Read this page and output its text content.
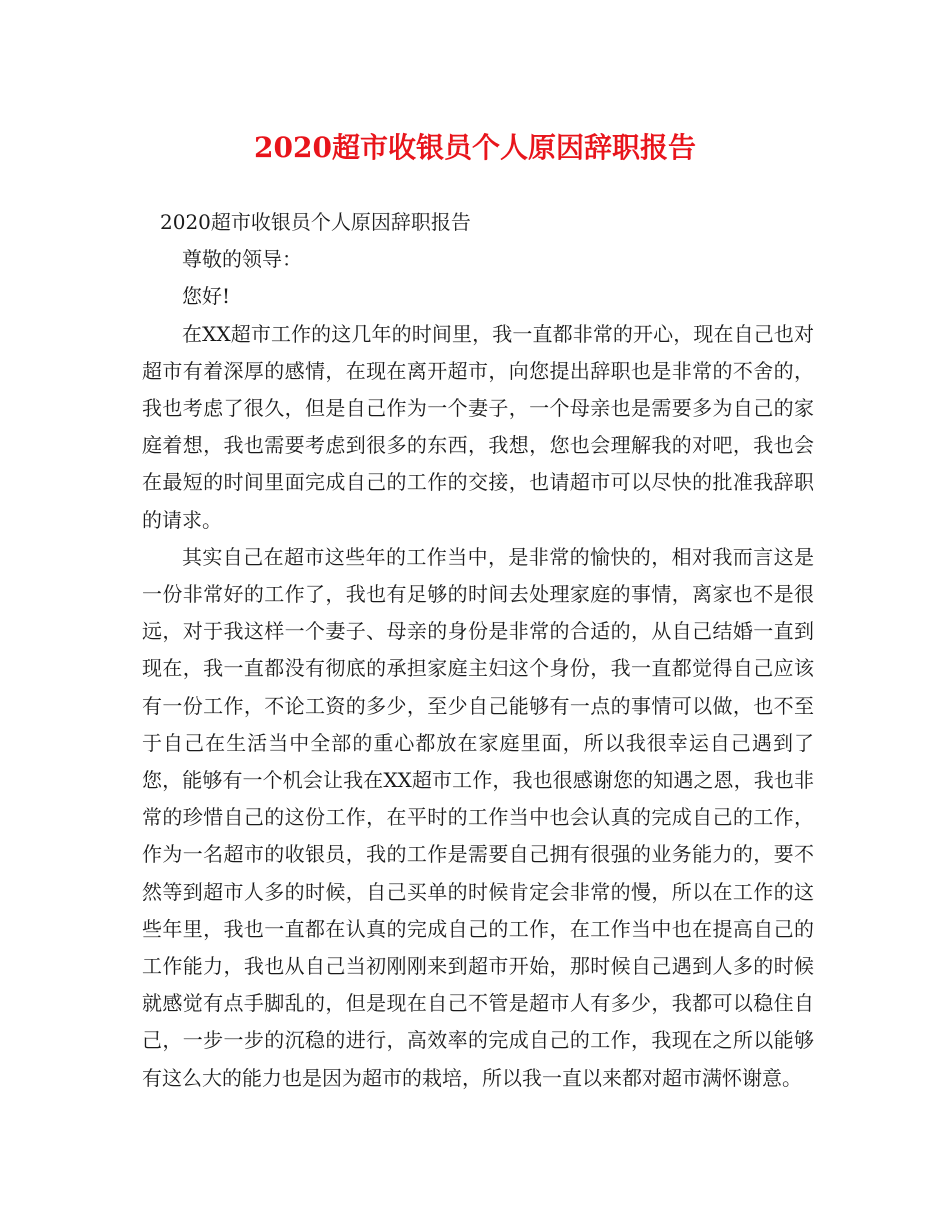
2020超市收银员个人原因辞职报告

2020超市收银员个人原因辞职报告

尊敬的领导：

您好!

在XX超市工作的这几年的时间里，我一直都非常的开心，现在自己也对超市有着深厚的感情，在现在离开超市，向您提出辞职也是非常的不舍的，我也考虑了很久，但是自己作为一个妻子，一个母亲也是需要多为自己的家庭着想，我也需要考虑到很多的东西，我想，您也会理解我的对吧，我也会在最短的时间里面完成自己的工作的交接，也请超市可以尽快的批准我辞职的请求。

其实自己在超市这些年的工作当中，是非常的愉快的，相对我而言这是一份非常好的工作了，我也有足够的时间去处理家庭的事情，离家也不是很远，对于我这样一个妻子、母亲的身份是非常的合适的，从自己结婚一直到现在，我一直都没有彻底的承担家庭主妇这个身份，我一直都觉得自己应该有一份工作，不论工资的多少，至少自己能够有一点的事情可以做，也不至于自己在生活当中全部的重心都放在家庭里面，所以我很幸运自己遇到了您，能够有一个机会让我在XX超市工作，我也很感谢您的知遇之恩，我也非常的珍惜自己的这份工作，在平时的工作当中也会认真的完成自己的工作，作为一名超市的收银员，我的工作是需要自己拥有很强的业务能力的，要不然等到超市人多的时候，自己买单的时候肯定会非常的慢，所以在工作的这些年里，我也一直都在认真的完成自己的工作，在工作当中也在提高自己的工作能力，我也从自己当初刚刚来到超市开始，那时候自己遇到人多的时候就感觉有点手脚乱的，但是现在自己不管是超市人有多少，我都可以稳住自己，一步一步的沉稳的进行，高效率的完成自己的工作，我现在之所以能够有这么大的能力也是因为超市的栽培，所以我一直以来都对超市满怀谢意。
